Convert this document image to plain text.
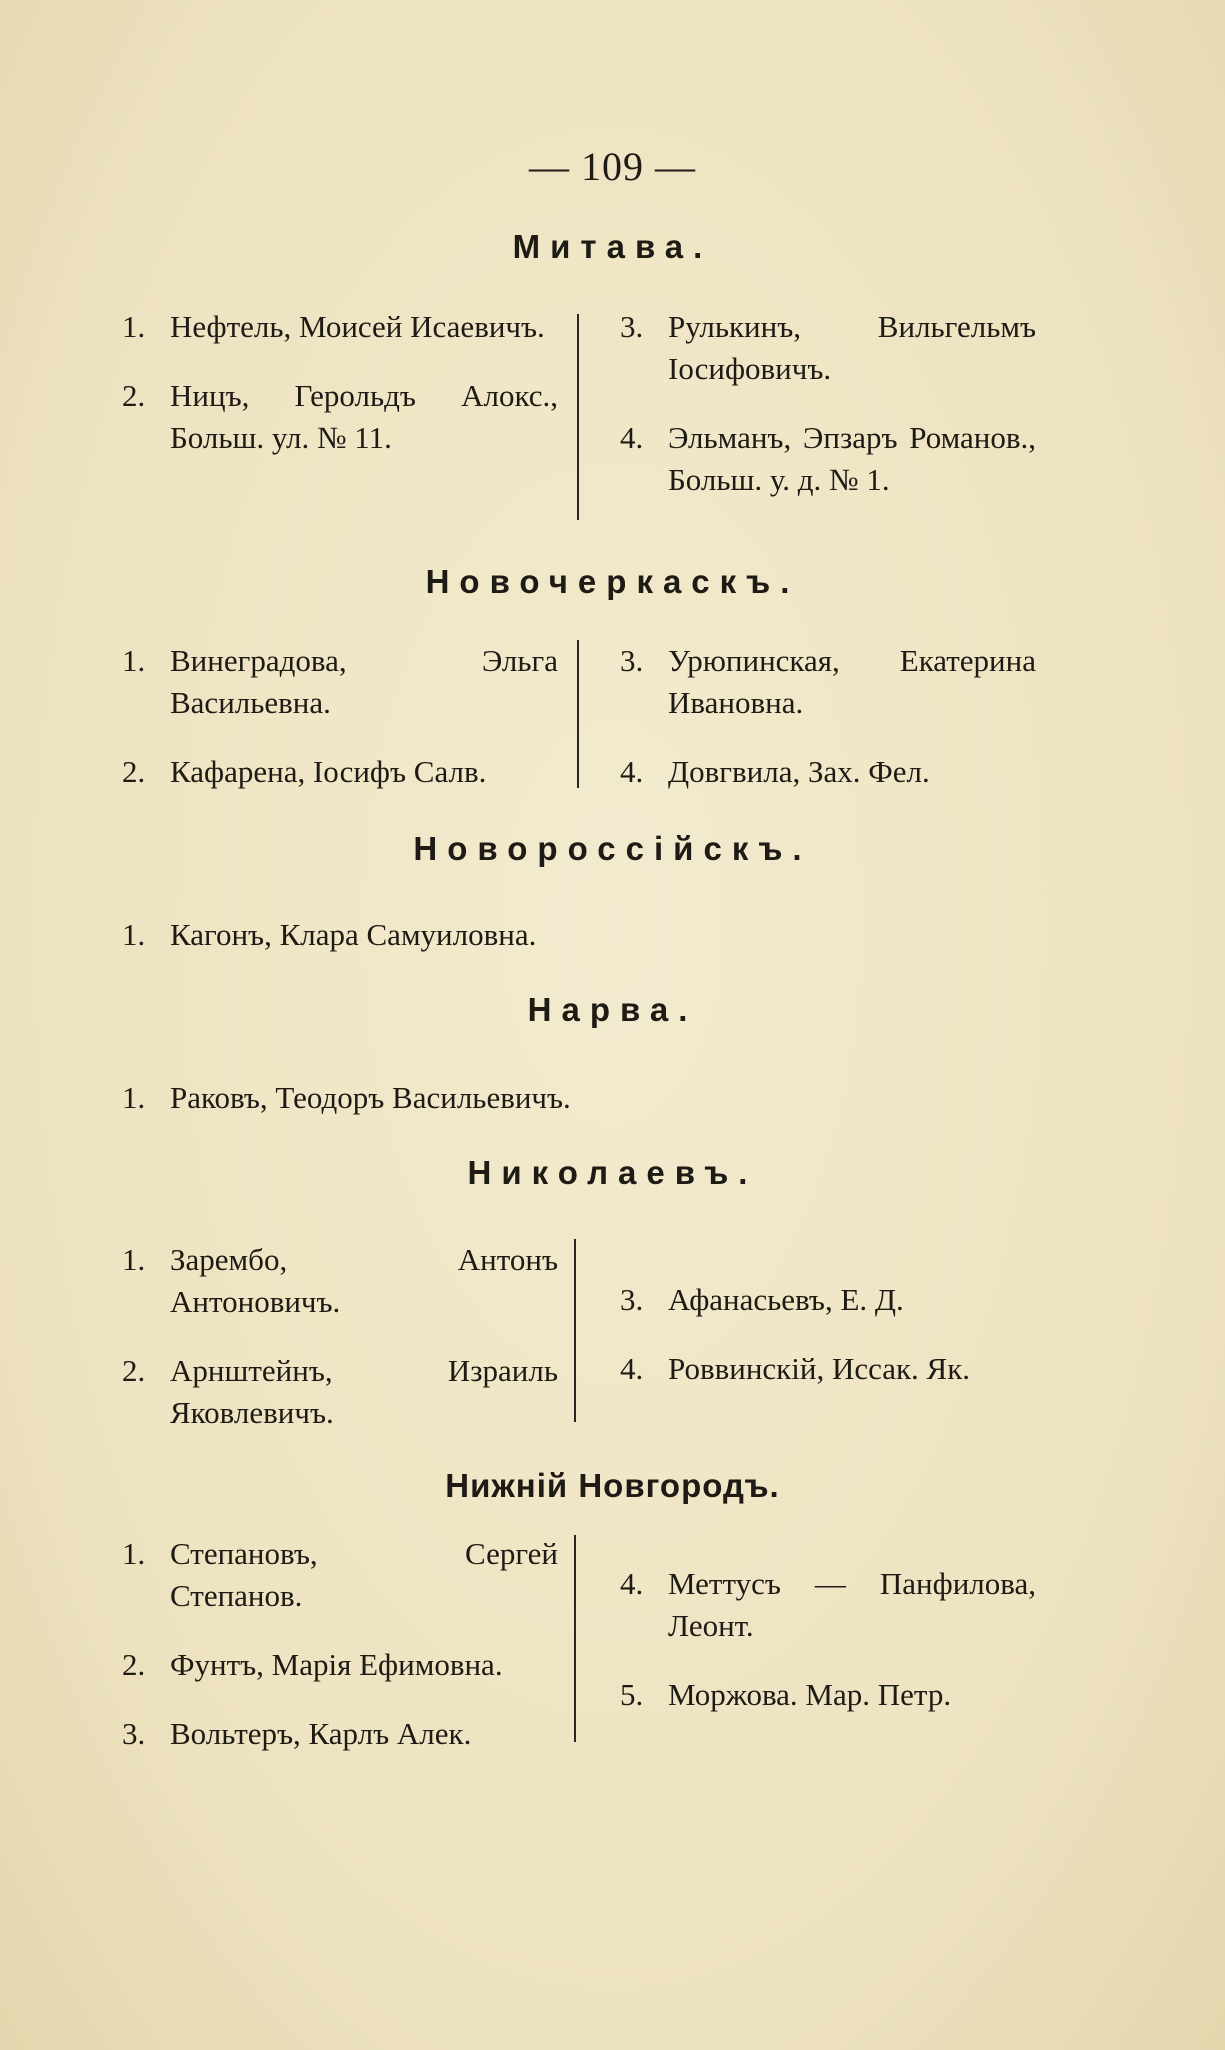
— 109 —
Митава.
1. Нефтель, Моисей Исаевичъ.
2. Ницъ, Герольдъ Алокс., Больш. ул. № 11.
3. Рулькинъ, Вильгельмъ Іосифовичъ.
4. Эльманъ, Эпзаръ Романов., Больш. у. д. № 1.
Новочеркаскъ.
1. Винеградова, Эльга Васильевна.
2. Кафарена, Іосифъ Салв.
3. Урюпинская, Екатерина Ивановна.
4. Довгвила, Зах. Фел.
Новороссійскъ.
1. Кагонъ, Клара Самуиловна.
Нарва.
1. Раковъ, Теодоръ Васильевичъ.
Николаевъ.
1. Зарембо, Антонъ Антоновичъ.
2. Арнштейнъ, Израиль Яковлевичъ.
3. Афанасьевъ, Е. Д.
4. Роввинскій, Иссак. Як.
Нижній Новгородъ.
1. Степановъ, Сергей Степанов.
2. Фунтъ, Марія Ефимовна.
3. Вольтеръ, Карлъ Алек.
4. Меттусъ — Панфилова, Леонт.
5. Моржова. Мар. Петр.
